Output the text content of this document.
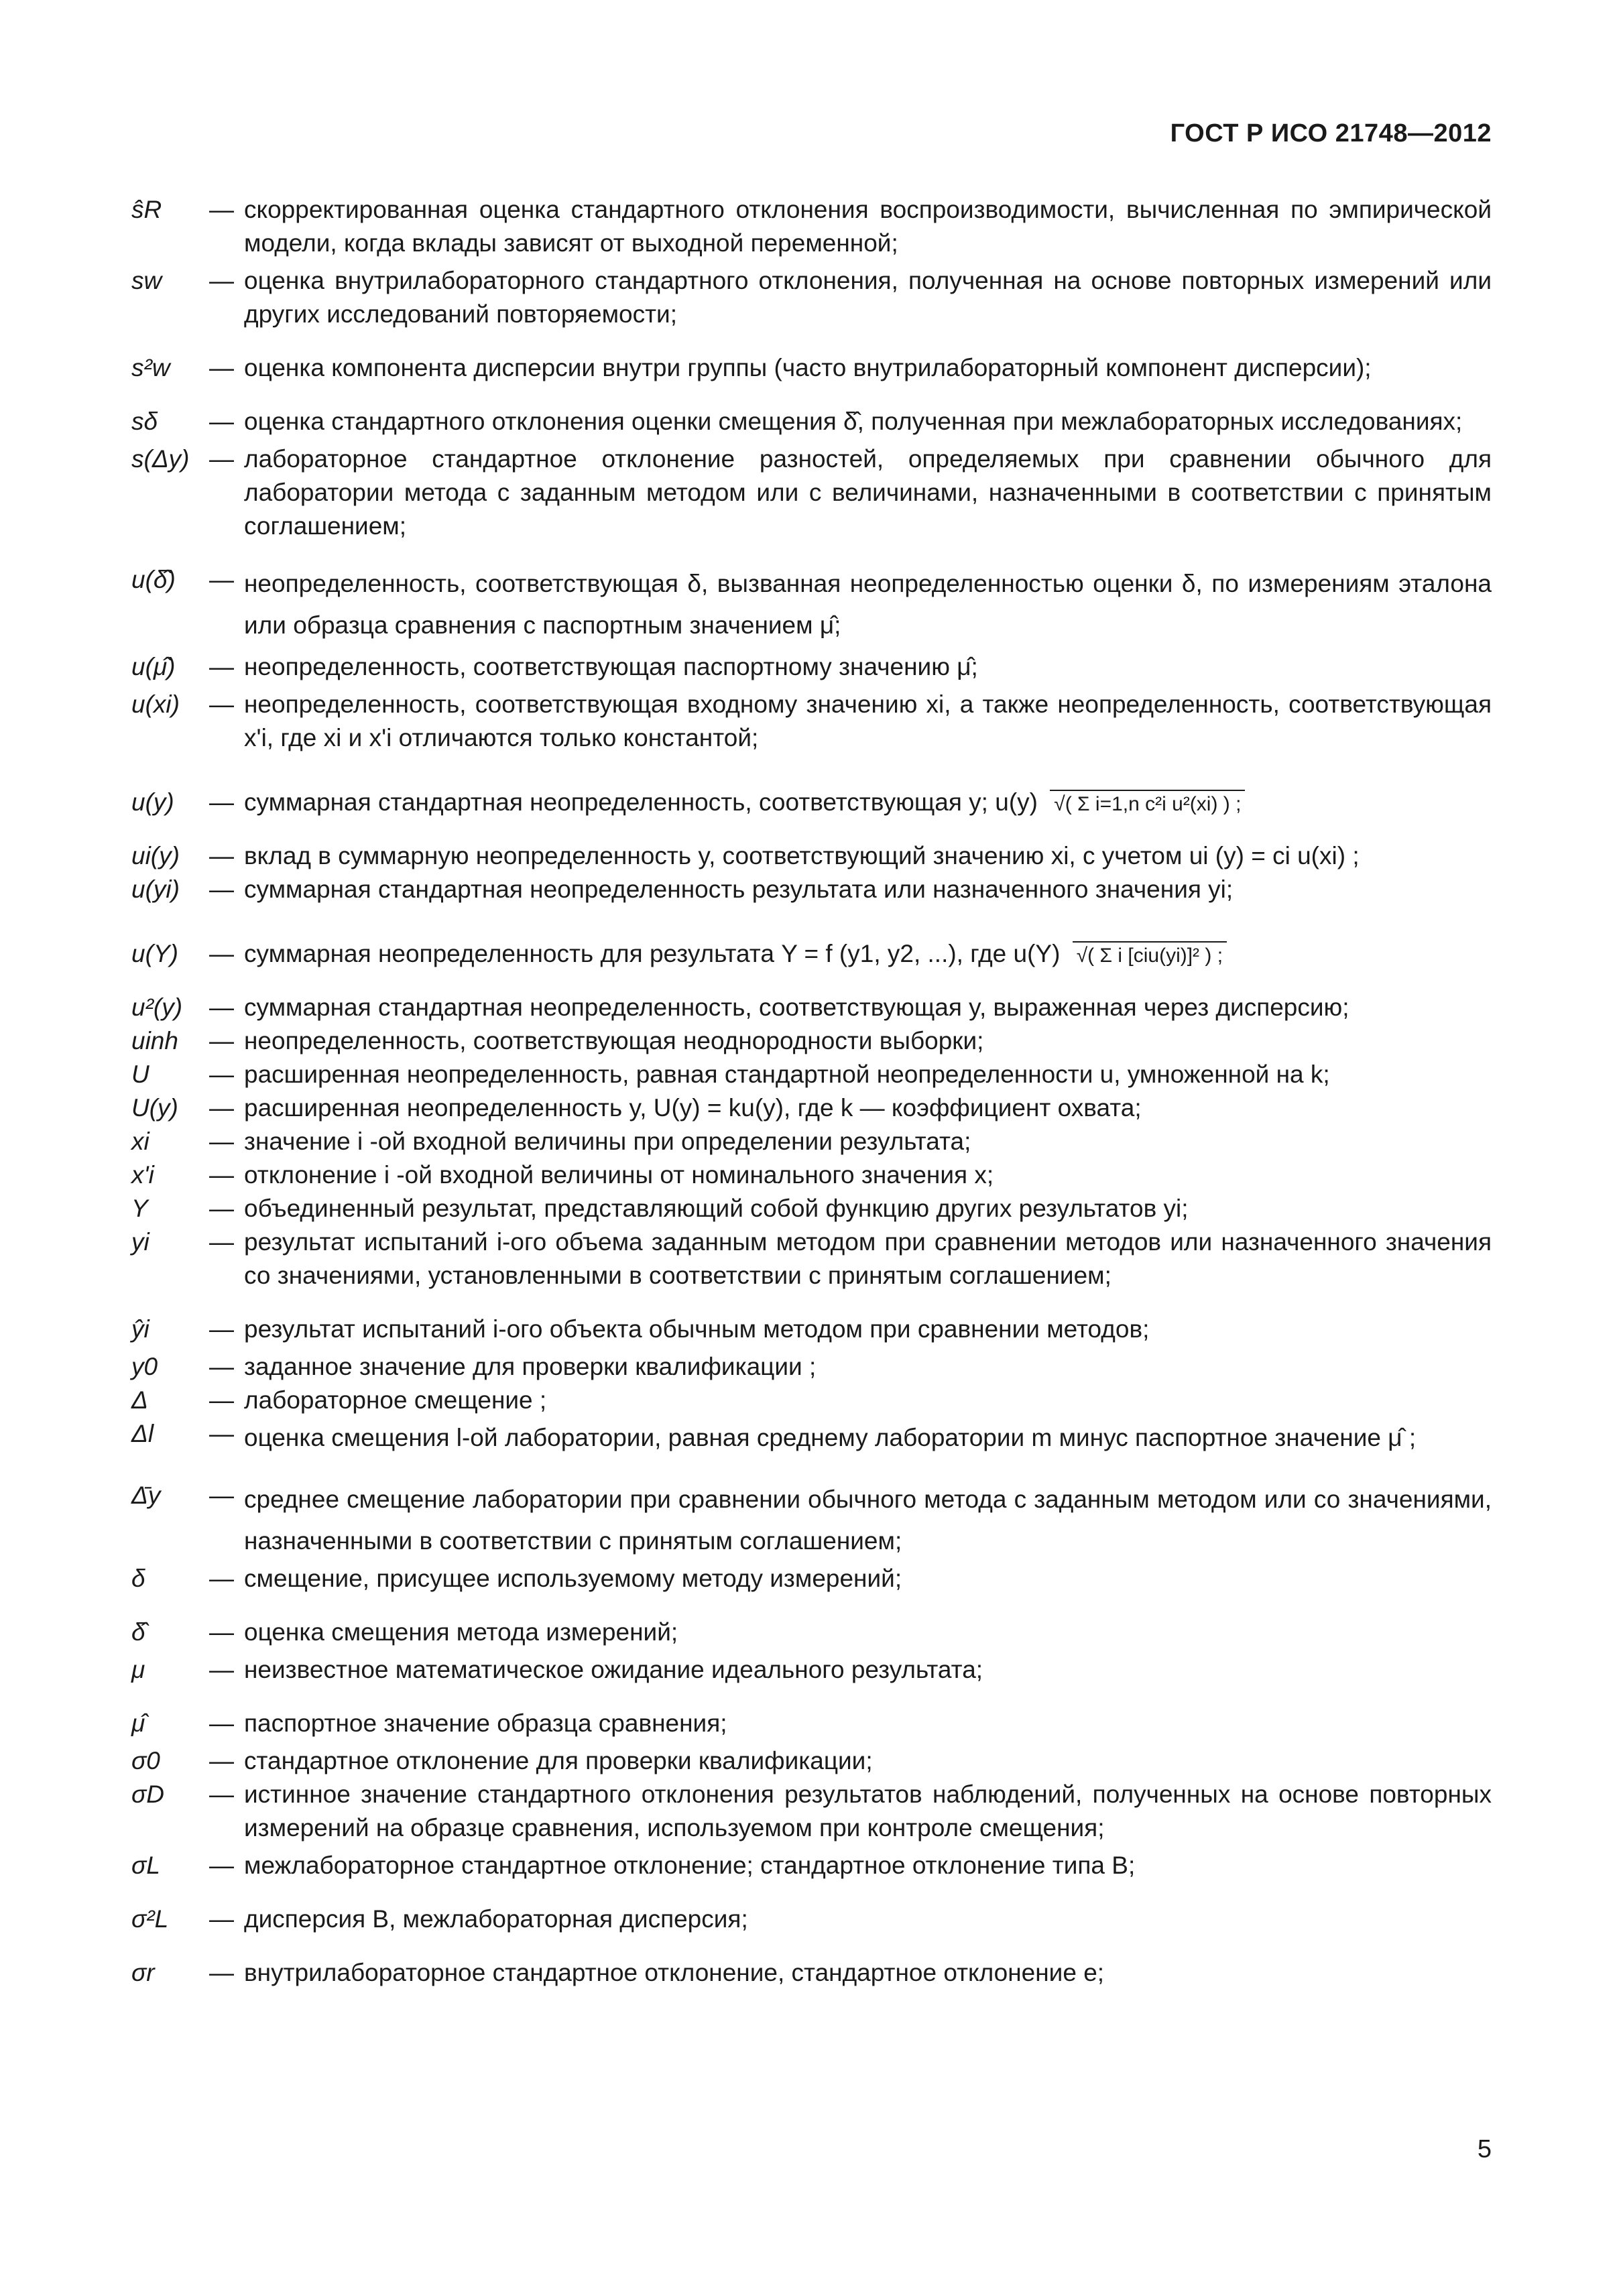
ГОСТ Р ИСО 21748—2012
ŝR	— скорректированная оценка стандартного отклонения воспроизводимости, вычисленная по эмпирической модели, когда вклады зависят от выходной переменной;
sw	— оценка внутрилабораторного стандартного отклонения, полученная на основе повторных измерений или других исследований повторяемости;
s²w	— оценка компонента дисперсии внутри группы (часто внутрилабораторный компонент дисперсии);
sδ	— оценка стандартного отклонения оценки смещения δ̂, полученная при межлабораторных исследованиях;
s(Δy) — лабораторное стандартное отклонение разностей, определяемых при сравнении обычного для лаборатории метода с заданным методом или с величинами, назначенными в соответствии с принятым соглашением;
u(δ̂)	— неопределенность, соответствующая δ, вызванная неопределенностью оценки δ, по измерениям эталона или образца сравнения с паспортным значением μ̂;
u(μ̂)	— неопределенность, соответствующая паспортному значению μ̂;
u(xi)	— неопределенность, соответствующая входному значению xi, а также неопределенность, соответствующая x'i, где xi и x'i отличаются только константой;
u(y)	— суммарная стандартная неопределенность, соответствующая y; u(y) √( Σ i=1,n c²i u²(xi) ) ;
ui(y)	— вклад в суммарную неопределенность y, соответствующий значению xi, с учетом ui (y) = ci u(xi) ;
u(yi)	— суммарная стандартная неопределенность результата или назначенного значения yi;
u(Y)	— суммарная неопределенность для результата Y = f (y1, y2, ...), где u(Y) √( Σ i [ciu(yi)]² ) ;
u²(y)	— суммарная стандартная неопределенность, соответствующая y, выраженная через дисперсию;
uinh	— неопределенность, соответствующая неоднородности выборки;
U	— расширенная неопределенность, равная стандартной неопределенности u, умноженной на k;
U(y)	— расширенная неопределенность y, U(y) = ku(y), где k — коэффициент охвата;
xi	— значение i -ой входной величины при определении результата;
x'i	— отклонение i -ой входной величины от номинального значения x;
Y	— объединенный результат, представляющий собой функцию других результатов yi;
yi	— результат испытаний i-ого объема заданным методом при сравнении методов или назначенного значения со значениями, установленными в соответствии с принятым соглашением;
ŷi	— результат испытаний i-ого объекта обычным методом при сравнении методов;
y0	— заданное значение для проверки квалификации ;
Δ	— лабораторное смещение ;
Δl	— оценка смещения l-ой лаборатории, равная среднему лаборатории m минус паспортное значение μ̂ ;
Δ̄y	— среднее смещение лаборатории при сравнении обычного метода с заданным методом или со значениями, назначенными в соответствии с принятым соглашением;
δ	— смещение, присущее используемому методу измерений;
δ̂	— оценка смещения метода измерений;
μ	— неизвестное математическое ожидание идеального результата;
μ̂	— паспортное значение образца сравнения;
σ0	— стандартное отклонение для проверки квалификации;
σD	— истинное значение стандартного отклонения результатов наблюдений, полученных на основе повторных измерений на образце сравнения, используемом при контроле смещения;
σL	— межлабораторное стандартное отклонение; стандартное отклонение типа B;
σ²L	— дисперсия B, межлабораторная дисперсия;
σr	— внутрилабораторное стандартное отклонение, стандартное отклонение e;
5
